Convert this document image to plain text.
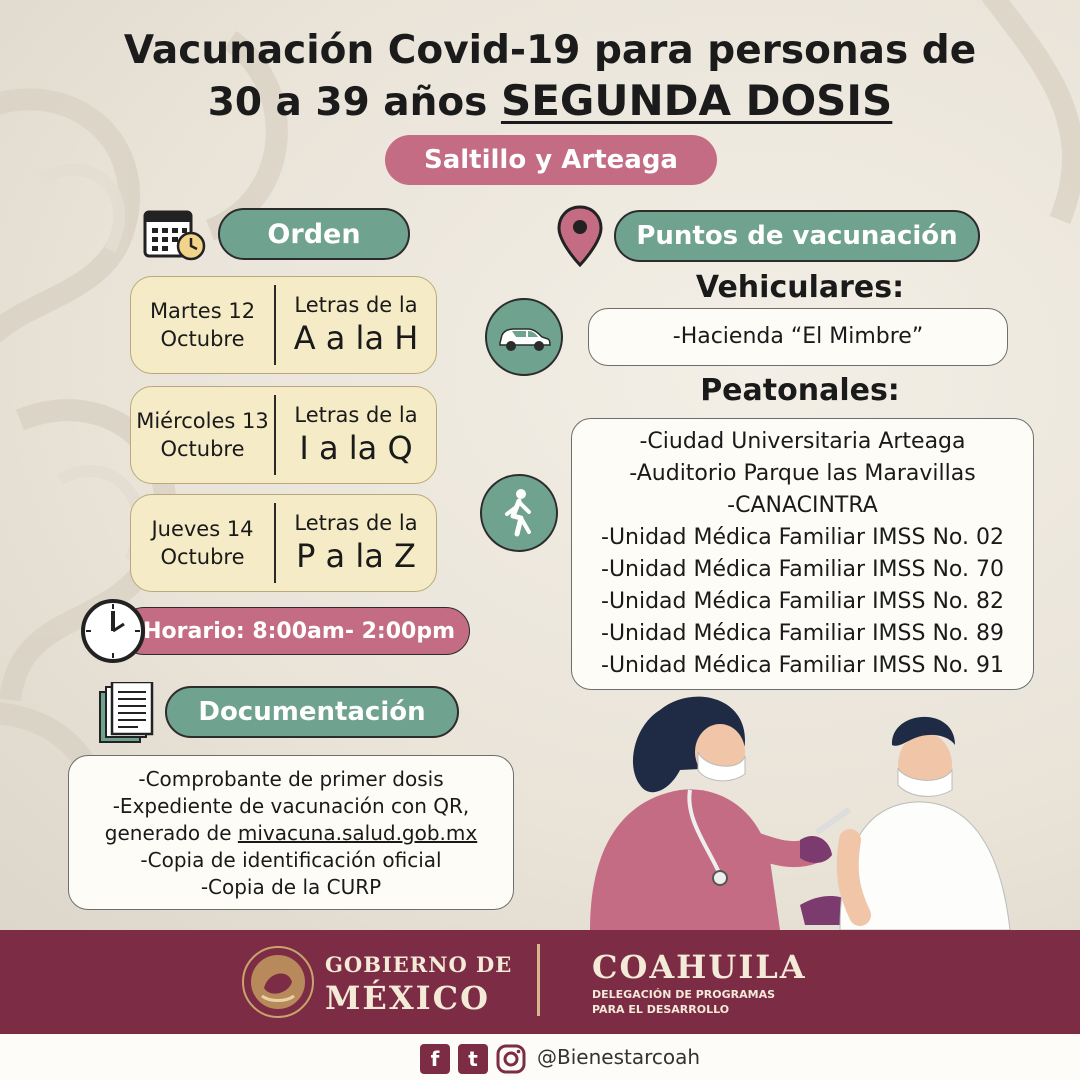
Vacunación Covid-19 para personas de
30 a 39 años SEGUNDA DOSIS
Saltillo y Arteaga
Orden
Martes 12
Octubre
Letras de la
A a la H
Miércoles 13
Octubre
Letras de la
I a la Q
Jueves 14
Octubre
Letras de la
P a la Z
Horario: 8:00am- 2:00pm
Documentación
-Comprobante de primer dosis
-Expediente de vacunación con QR,
generado de mivacuna.salud.gob.mx
-Copia de identificación oficial
-Copia de la CURP
Puntos de vacunación
Vehiculares:
-Hacienda “El Mimbre”
Peatonales:
-Ciudad Universitaria Arteaga
-Auditorio Parque las Maravillas
-CANACINTRA
-Unidad Médica Familiar IMSS No. 02
-Unidad Médica Familiar IMSS No. 70
-Unidad Médica Familiar IMSS No. 82
-Unidad Médica Familiar IMSS No. 89
-Unidad Médica Familiar IMSS No. 91
GOBIERNO DE
MÉXICO
COAHUILA
DELEGACIÓN DE PROGRAMAS
PARA EL DESARROLLO
f t	@Bienestarcoah
